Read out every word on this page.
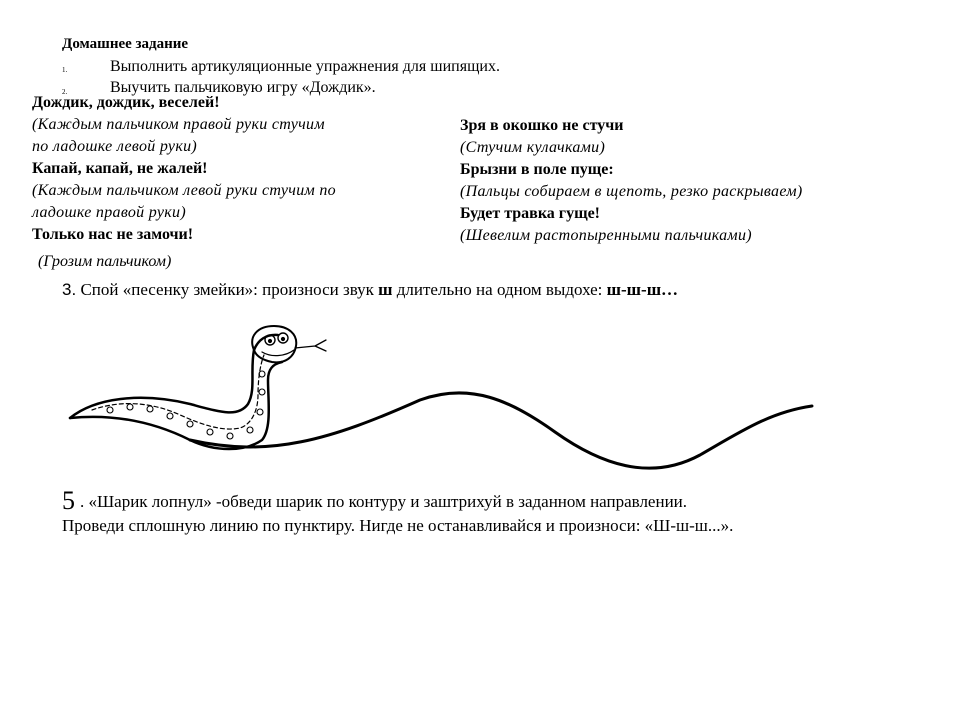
Домашнее задание
1.	Выполнить артикуляционные упражнения для шипящих.
2.	Выучить пальчиковую игру «Дождик».
Дождик, дождик, веселей!
(Каждым пальчиком правой руки стучим
по ладошке левой руки)
Капай, капай, не жалей!
(Каждым пальчиком левой руки стучим по
ладошке правой руки)
Только нас не замочи!
(Грозим пальчиком)
Зря в окошко не стучи
(Стучим кулачками)
Брызни в поле пуще:
(Пальцы собираем в щепоть, резко раскрываем)
Будет травка гуще!
(Шевелим растопыренными пальчиками)
3. Спой «песенку змейки»: произноси звук ш длительно на одном выдохе: ш-ш-ш…
5 . «Шарик лопнул» -обведи шарик по контуру и заштрихуй в заданном направлении.
Проведи сплошную линию по пунктиру. Нигде не останавливайся и произноси: «Ш-ш-ш...».
